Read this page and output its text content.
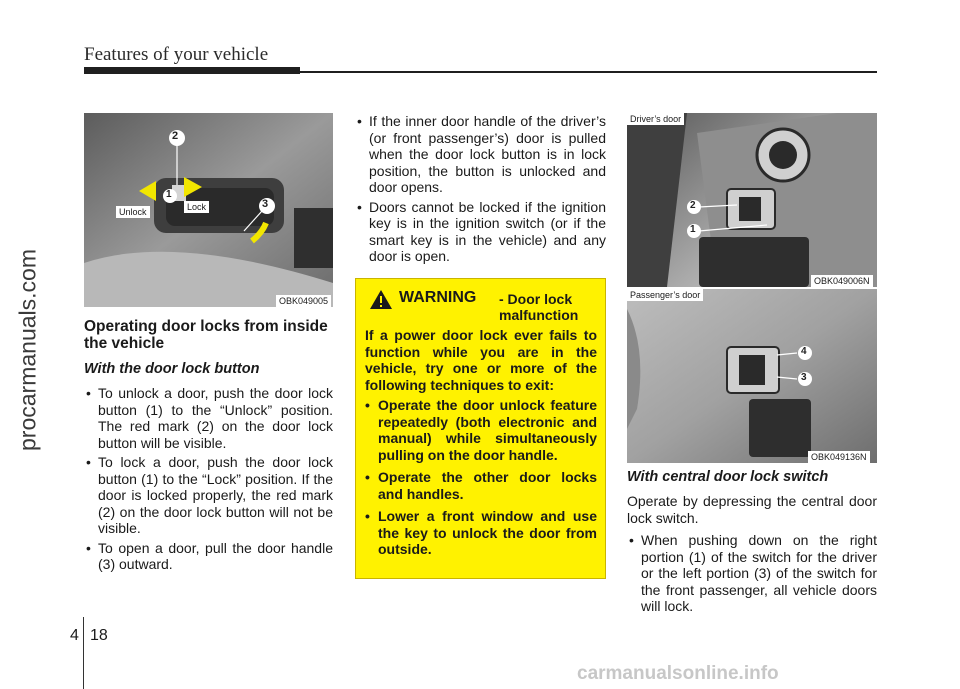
Features of your vehicle
procarmanuals.com
2
1
3
Unlock	Lock
OBK049005
Operating door locks from inside the vehicle
With the door lock button
• To unlock a door, push the door lock button (1) to the “Unlock” position. The red mark (2) on the door lock button will be visible.
• To lock a door, push the door lock button (1) to the “Lock” position. If the door is locked properly, the red mark (2) on the door lock button will not be visible.
• To open a door, pull the door handle (3) outward.
• If the inner door handle of the driver’s (or front passenger’s) door is pulled when the door lock button is in lock position, the button is unlocked and door opens.
• Doors cannot be locked if the ignition key is in the ignition switch (or if the smart key is in the vehicle) and any door is open.
WARNING - Door lock malfunction

If a power door lock ever fails to function while you are in the vehicle, try one or more of the following techniques to exit:

• Operate the door unlock feature repeatedly (both electronic and manual) while simultaneously pulling on the door handle.
• Operate the other door locks and handles.
• Lower a front window and use the key to unlock the door from outside.
Driver’s door
2
1
OBK049006N
Passenger’s door
4
3
OBK049136N
With central door lock switch

Operate by depressing the central door lock switch.

• When pushing down on the right portion (1) of the switch for the driver or the left portion (3) of the switch for the front passenger, all vehicle doors will lock.
4 18
carmanualsonline.info
